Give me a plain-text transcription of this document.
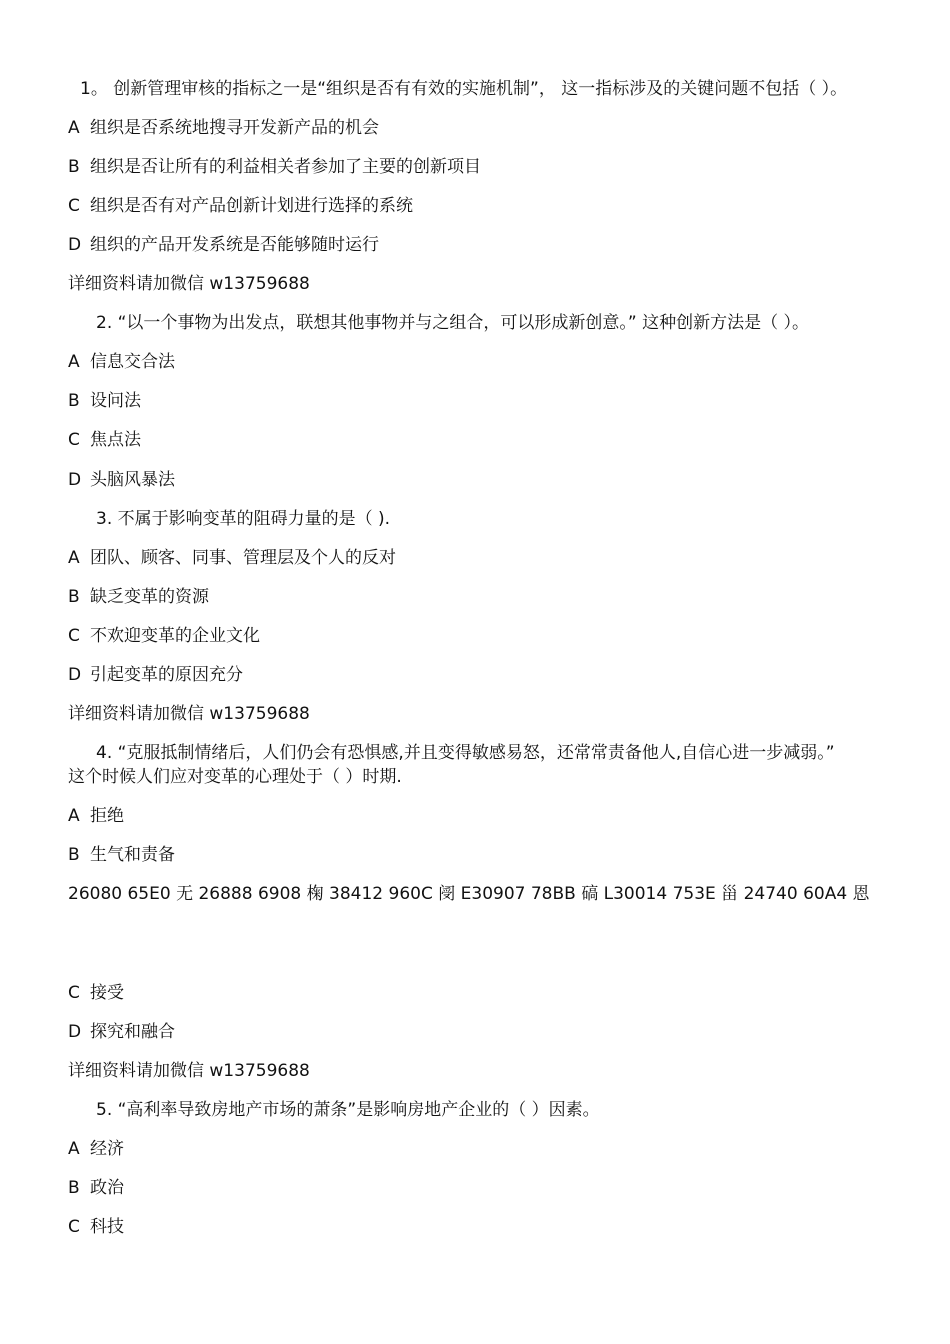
1。 创新管理审核的指标之一是“组织是否有有效的实施机制”， 这一指标涉及的关键问题不包括（ ）。
A 组织是否系统地搜寻开发新产品的机会
B 组织是否让所有的利益相关者参加了主要的创新项目
C 组织是否有对产品创新计划进行选择的系统
D 组织的产品开发系统是否能够随时运行
详细资料请加微信 w13759688
2. “以一个事物为出发点，联想其他事物并与之组合，可以形成新创意。” 这种创新方法是（ ）。
A 信息交合法
B 设问法
C 焦点法
D 头脑风暴法
3. 不属于影响变革的阻碍力量的是（ ).
A 团队、顾客、同事、管理层及个人的反对
B 缺乏变革的资源
C 不欢迎变革的企业文化
D 引起变革的原因充分
详细资料请加微信 w13759688
4. “克服抵制情绪后，人们仍会有恐惧感,并且变得敏感易怒，还常常责备他人,自信心进一步减弱。”
这个时候人们应对变革的心理处于（ ）时期.
A 拒绝
B 生气和责备
26080 65E0 无 26888 6908 椈 38412 960C 阌 E30907 78BB 碻 L30014 753E 甾 24740 60A4 恩
C 接受
D 探究和融合
详细资料请加微信 w13759688
5. “高利率导致房地产市场的萧条”是影响房地产企业的（ ）因素。
A 经济
B 政治
C 科技
